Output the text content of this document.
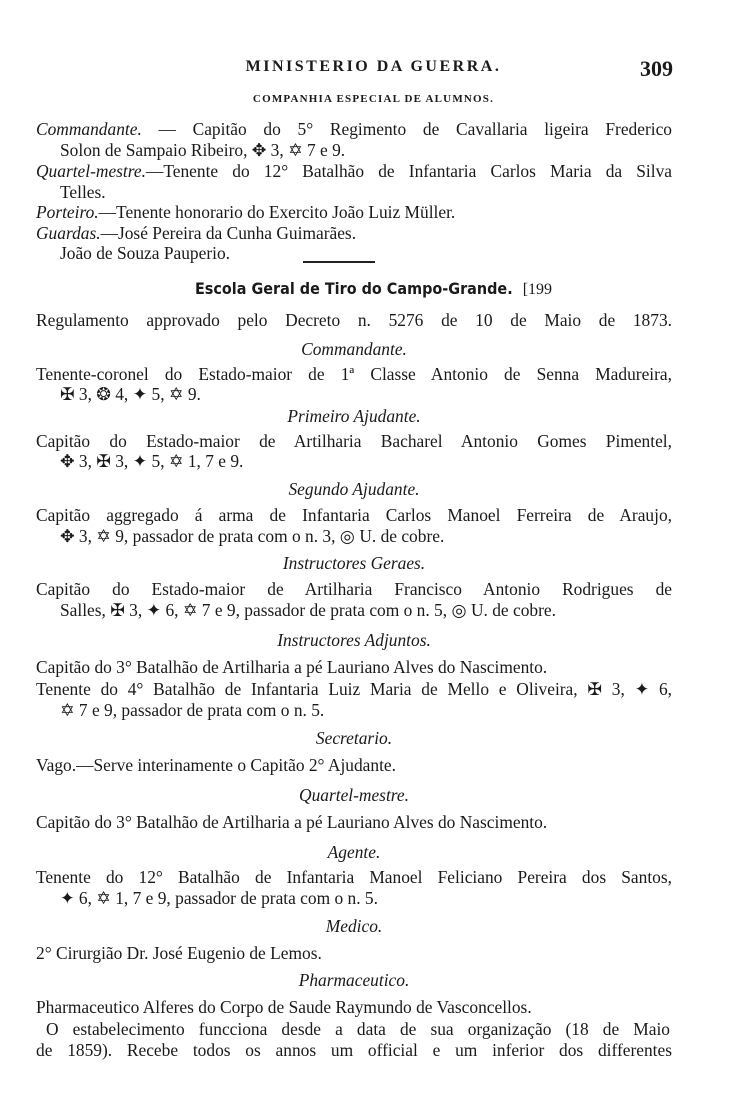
MINISTERIO DA GUERRA.	309
COMPANHIA ESPECIAL DE ALUMNOS.
Commandante. — Capitão do 5° Regimento de Cavallaria ligeira Frederico
Solon de Sampaio Ribeiro, ✥ 3, ✡ 7 e 9.
Quartel-mestre.—Tenente do 12° Batalhão de Infantaria Carlos Maria da Silva
Telles.
Porteiro.—Tenente honorario do Exercito João Luiz Müller.
Guardas.—José Pereira da Cunha Guimarães.
João de Souza Pauperio.
Escola Geral de Tiro do Campo-Grande. [199
Regulamento approvado pelo Decreto n. 5276 de 10 de Maio de 1873.
Commandante.
Tenente-coronel do Estado-maior de 1ª Classe Antonio de Senna Madureira,
✠ 3, ❂ 4, ✦ 5, ✡ 9.
Primeiro Ajudante.
Capitão do Estado-maior de Artilharia Bacharel Antonio Gomes Pimentel,
✥ 3, ✠ 3, ✦ 5, ✡ 1, 7 e 9.
Segundo Ajudante.
Capitão aggregado á arma de Infantaria Carlos Manoel Ferreira de Araujo,
✥ 3, ✡ 9, passador de prata com o n. 3, ◎ U. de cobre.
Instructores Geraes.
Capitão do Estado-maior de Artilharia Francisco Antonio Rodrigues de
Salles, ✠ 3, ✦ 6, ✡ 7 e 9, passador de prata com o n. 5, ◎ U. de cobre.
Instructores Adjuntos.
Capitão do 3° Batalhão de Artilharia a pé Lauriano Alves do Nascimento.
Tenente do 4° Batalhão de Infantaria Luiz Maria de Mello e Oliveira, ✠ 3, ✦ 6,
✡ 7 e 9, passador de prata com o n. 5.
Secretario.
Vago.—Serve interinamente o Capitão 2° Ajudante.
Quartel-mestre.
Capitão do 3° Batalhão de Artilharia a pé Lauriano Alves do Nascimento.
Agente.
Tenente do 12° Batalhão de Infantaria Manoel Feliciano Pereira dos Santos,
✦ 6, ✡ 1, 7 e 9, passador de prata com o n. 5.
Medico.
2° Cirurgião Dr. José Eugenio de Lemos.
Pharmaceutico.
Pharmaceutico Alferes do Corpo de Saude Raymundo de Vasconcellos.
O estabelecimento funcciona desde a data de sua organização (18 de Maio
de 1859). Recebe todos os annos um official e um inferior dos differentes
